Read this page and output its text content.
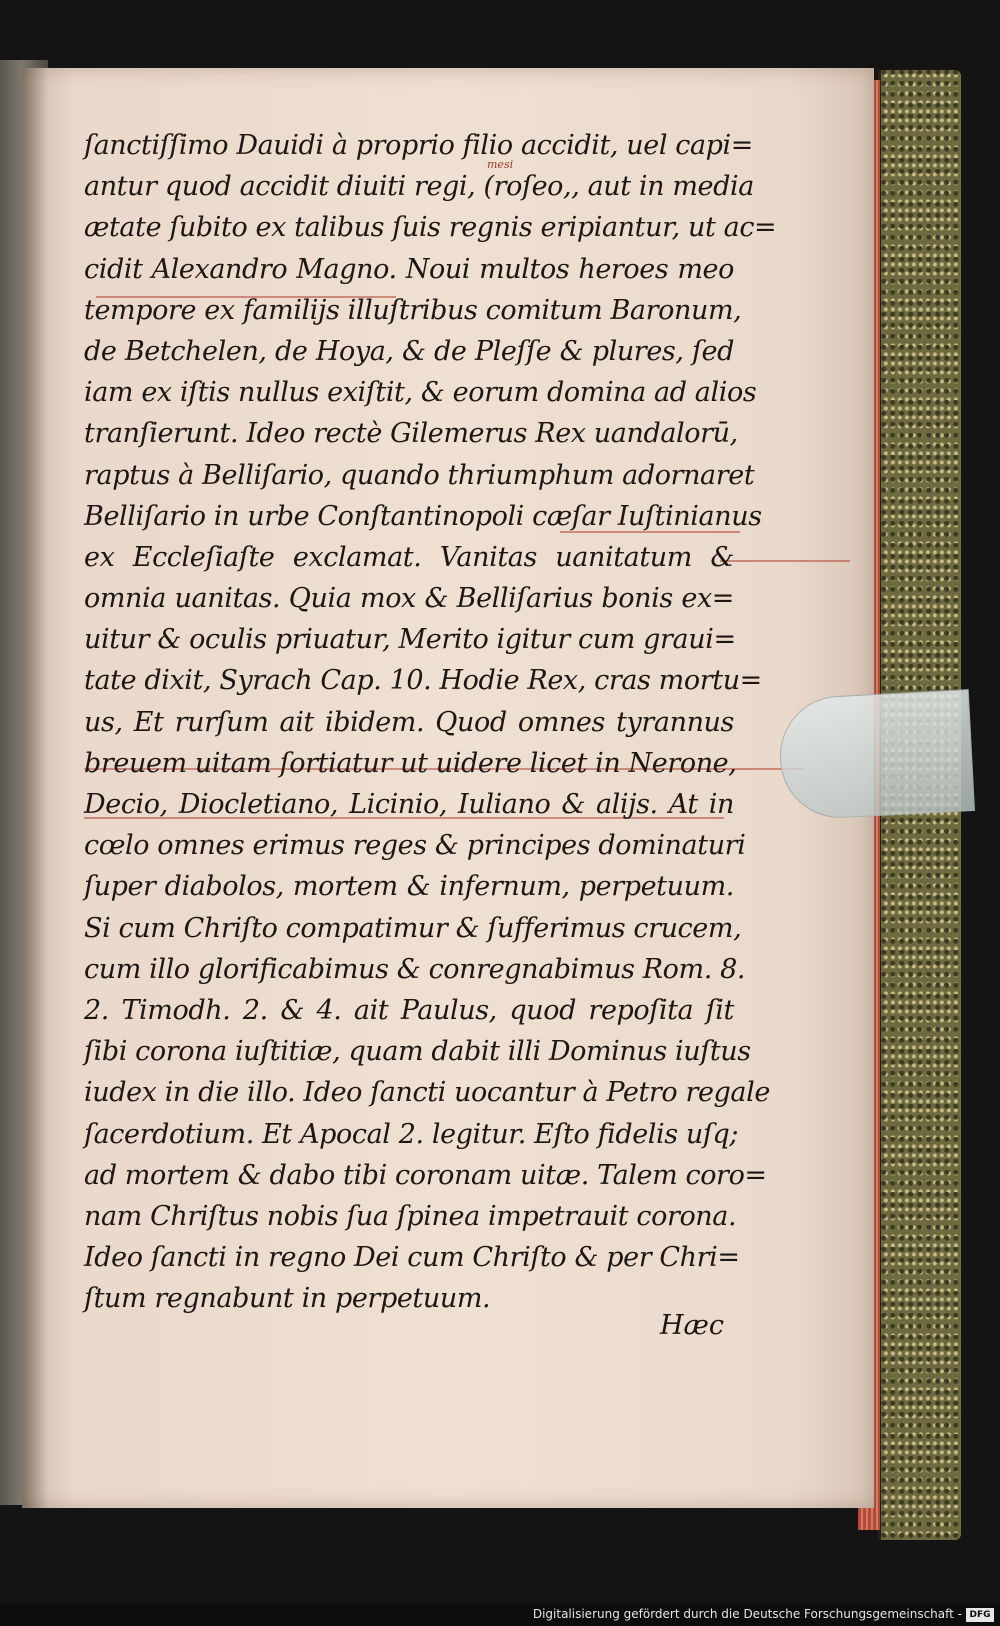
mesi
ſanctiſſimo Dauidi à proprio filio accidit, uel capi=
antur quod accidit diuiti regi, (roſeo,, aut in media
ætate ſubito ex talibus ſuis regnis eripiantur, ut ac=
cidit Alexandro Magno. Noui multos heroes meo
tempore ex familijs illuſtribus comitum Baronum,
de Betchelen, de Hoya, & de Pleſſe & plures, ſed
iam ex iſtis nullus exiſtit, & eorum domina ad alios
tranſierunt. Ideo rectè Gilemerus Rex uandalorū,
raptus à Belliſario, quando thriumphum adornaret
Belliſario in urbe Conſtantinopoli cæſar Iuſtinianus
ex Eccleſiaſte exclamat. Vanitas uanitatum &
omnia uanitas. Quia mox & Belliſarius bonis ex=
uitur & oculis priuatur, Merito igitur cum graui=
tate dixit, Syrach Cap. 10. Hodie Rex, cras mortu=
us, Et rurſum ait ibidem. Quod omnes tyrannus
breuem uitam ſortiatur ut uidere licet in Nerone,
Decio, Diocletiano, Licinio, Iuliano & alijs. At in
cœlo omnes erimus reges & principes dominaturi
ſuper diabolos, mortem & infernum, perpetuum.
Si cum Chriſto compatimur & ſufferimus crucem,
cum illo glorificabimus & conregnabimus Rom. 8.
2. Timodh. 2. & 4. ait Paulus, quod repoſita ſit
ſibi corona iuſtitiæ, quam dabit illi Dominus iuſtus
iudex in die illo. Ideo ſancti uocantur à Petro regale
ſacerdotium. Et Apocal 2. legitur. Eſto fidelis uſq;
ad mortem & dabo tibi coronam uitæ. Talem coro=
nam Chriſtus nobis ſua ſpinea impetrauit corona.
Ideo ſancti in regno Dei cum Chriſto & per Chri=
ſtum regnabunt in perpetuum.
Hæc
Digitalisierung gefördert durch die Deutsche Forschungsgemeinschaft - DFG
